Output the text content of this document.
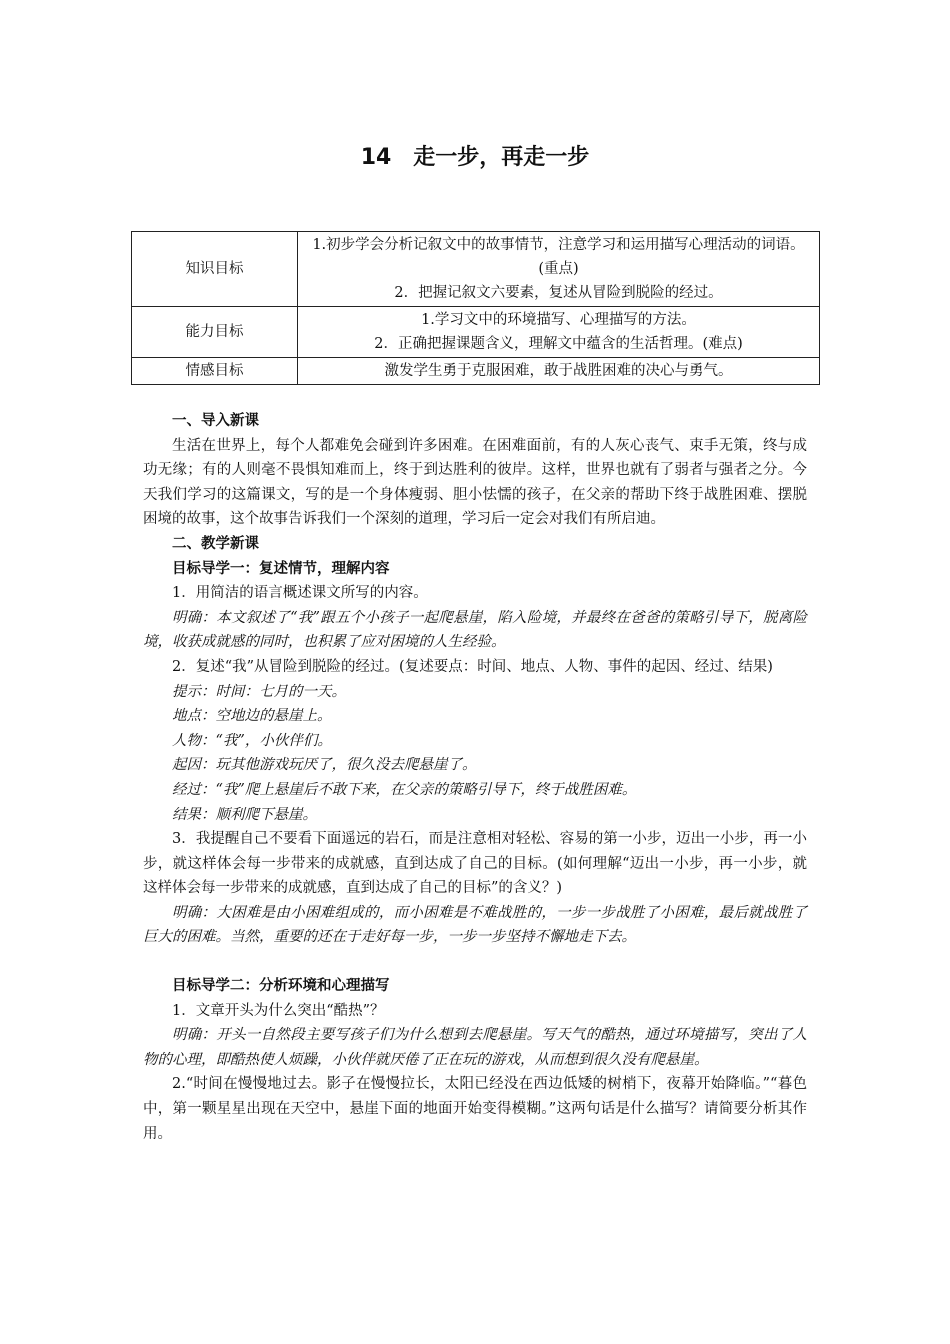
14　走一步，再走一步
知识目标	1.初步学会分析记叙文中的故事情节，注意学习和运用描写心理活动的词语。(重点)
2．把握记叙文六要素，复述从冒险到脱险的经过。

能力目标	1.学习文中的环境描写、心理描写的方法。
2．正确把握课题含义，理解文中蕴含的生活哲理。(难点)

情感目标	激发学生勇于克服困难，敢于战胜困难的决心与勇气。

一、导入新课

生活在世界上，每个人都难免会碰到许多困难。在困难面前，有的人灰心丧气、束手无策，终与成功无缘；有的人则毫不畏惧知难而上，终于到达胜利的彼岸。这样，世界也就有了弱者与强者之分。今天我们学习的这篇课文，写的是一个身体瘦弱、胆小怯懦的孩子，在父亲的帮助下终于战胜困难、摆脱困境的故事，这个故事告诉我们一个深刻的道理，学习后一定会对我们有所启迪。

二、教学新课

目标导学一：复述情节，理解内容

1．用简洁的语言概述课文所写的内容。

明确：本文叙述了“我”跟五个小孩子一起爬悬崖，陷入险境，并最终在爸爸的策略引导下，脱离险境，收获成就感的同时，也积累了应对困境的人生经验。

2．复述“我”从冒险到脱险的经过。(复述要点：时间、地点、人物、事件的起因、经过、结果)

提示：时间：七月的一天。

地点：空地边的悬崖上。

人物：“我”，小伙伴们。

起因：玩其他游戏玩厌了，很久没去爬悬崖了。

经过：“我”爬上悬崖后不敢下来，在父亲的策略引导下，终于战胜困难。

结果：顺利爬下悬崖。

3．我提醒自己不要看下面遥远的岩石，而是注意相对轻松、容易的第一小步，迈出一小步，再一小步，就这样体会每一步带来的成就感，直到达成了自己的目标。(如何理解“迈出一小步，再一小步，就这样体会每一步带来的成就感，直到达成了自己的目标”的含义？)

明确：大困难是由小困难组成的，而小困难是不难战胜的，一步一步战胜了小困难，最后就战胜了巨大的困难。当然，重要的还在于走好每一步，一步一步坚持不懈地走下去。

目标导学二：分析环境和心理描写

1．文章开头为什么突出“酷热”？

明确：开头一自然段主要写孩子们为什么想到去爬悬崖。写天气的酷热，通过环境描写，突出了人物的心理，即酷热使人烦躁，小伙伴就厌倦了正在玩的游戏，从而想到很久没有爬悬崖。

2.“时间在慢慢地过去。影子在慢慢拉长，太阳已经没在西边低矮的树梢下，夜幕开始降临。”“暮色中，第一颗星星出现在天空中，悬崖下面的地面开始变得模糊。”这两句话是什么描写？请简要分析其作用。
